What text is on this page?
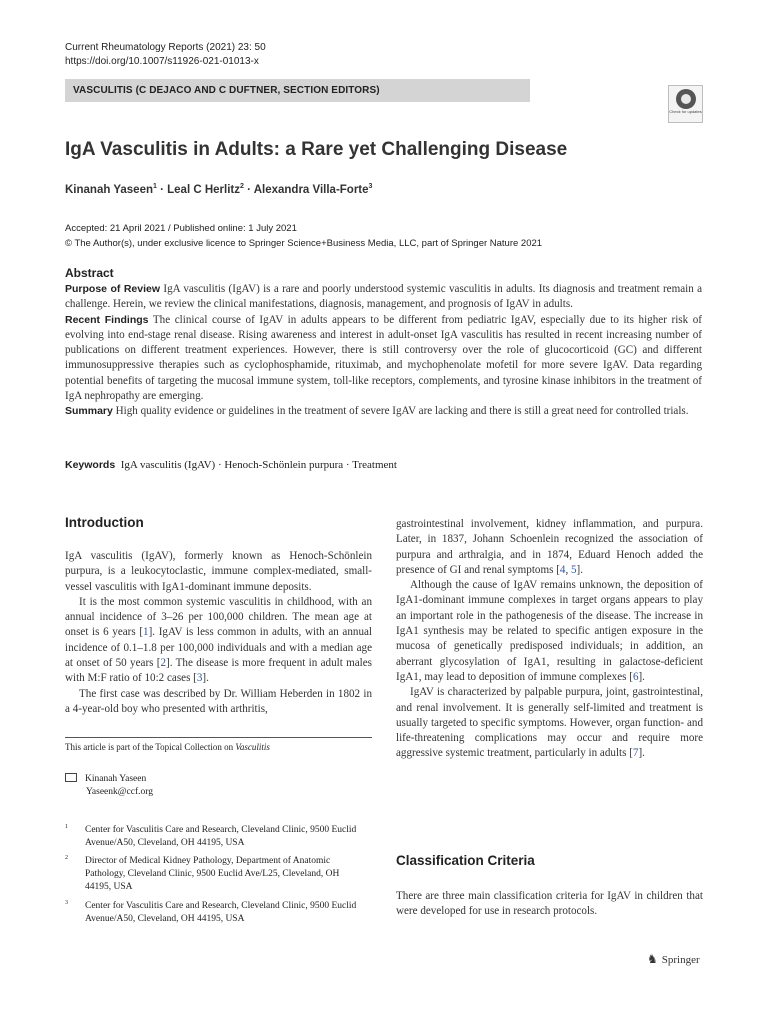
Current Rheumatology Reports (2021) 23: 50
https://doi.org/10.1007/s11926-021-01013-x
VASCULITIS (C DEJACO AND C DUFTNER, SECTION EDITORS)
Check for updates
IgA Vasculitis in Adults: a Rare yet Challenging Disease
Kinanah Yaseen$^1$ · Leal C Herlitz$^2$ · Alexandra Villa-Forte$^3$
Accepted: 21 April 2021 / Published online: 1 July 2021
© The Author(s), under exclusive licence to Springer Science+Business Media, LLC, part of Springer Nature 2021
Abstract

Purpose of Review IgA vasculitis (IgAV) is a rare and poorly understood systemic vasculitis in adults. Its diagnosis and treatment remain a challenge. Herein, we review the clinical manifestations, diagnosis, management, and prognosis of IgAV in adults.

Recent Findings The clinical course of IgAV in adults appears to be different from pediatric IgAV, especially due to its higher risk of evolving into end-stage renal disease. Rising awareness and interest in adult-onset IgA vasculitis has resulted in recent increasing number of publications on different treatment experiences. However, there is still controversy over the role of glucocorticoid (GC) and different immunosuppressive therapies such as cyclophosphamide, rituximab, and mychophenolate mofetil for more severe IgAV. Data regarding potential benefits of targeting the mucosal immune system, toll-like receptors, complements, and tyrosine kinase inhibitors in the treatment of IgA nephropathy are emerging.

Summary High quality evidence or guidelines in the treatment of severe IgAV are lacking and there is still a great need for controlled trials.

Keywords IgA vasculitis (IgAV) · Henoch-Schönlein purpura · Treatment
Introduction

IgA vasculitis (IgAV), formerly known as Henoch-Schönlein purpura, is a leukocytoclastic, immune complex-mediated, small-vessel vasculitis with IgA1-dominant immune deposits.

It is the most common systemic vasculitis in childhood, with an annual incidence of 3–26 per 100,000 children. The mean age at onset is 6 years [1]. IgAV is less common in adults, with an annual incidence of 0.1–1.8 per 100,000 individuals and with a median age at onset of 50 years [2]. The disease is more frequent in adult males with M:F ratio of 10:2 cases [3].

The first case was described by Dr. William Heberden in 1802 in a 4-year-old boy who presented with arthritis,

This article is part of the Topical Collection on Vasculitis
Kinanah Yaseen
Yaseenk@ccf.org
1 Center for Vasculitis Care and Research, Cleveland Clinic, 9500 Euclid Avenue/A50, Cleveland, OH 44195, USA
2 Director of Medical Kidney Pathology, Department of Anatomic Pathology, Cleveland Clinic, 9500 Euclid Ave/L25, Cleveland, OH 44195, USA
3 Center for Vasculitis Care and Research, Cleveland Clinic, 9500 Euclid Avenue/A50, Cleveland, OH 44195, USA

gastrointestinal involvement, kidney inflammation, and purpura. Later, in 1837, Johann Schoenlein recognized the association of purpura and arthralgia, and in 1874, Eduard Henoch added the presence of GI and renal symptoms [4, 5].

Although the cause of IgAV remains unknown, the deposition of IgA1-dominant immune complexes in target organs appears to play an important role in the pathogenesis of the disease. The increase in IgA1 synthesis may be related to specific antigen exposure in the mucosa of genetically predisposed individuals; in addition, an aberrant glycosylation of IgA1, resulting in galactose-deficient IgA1, may lead to deposition of immune complexes [6].

IgAV is characterized by palpable purpura, joint, gastrointestinal, and renal involvement. It is generally self-limited and treatment is usually targeted to specific symptoms. However, organ function- and life-threatening complications may occur and require more aggressive systemic treatment, particularly in adults [7].

Classification Criteria

There are three main classification criteria for IgAV in children that were developed for use in research protocols.

♞ Springer
